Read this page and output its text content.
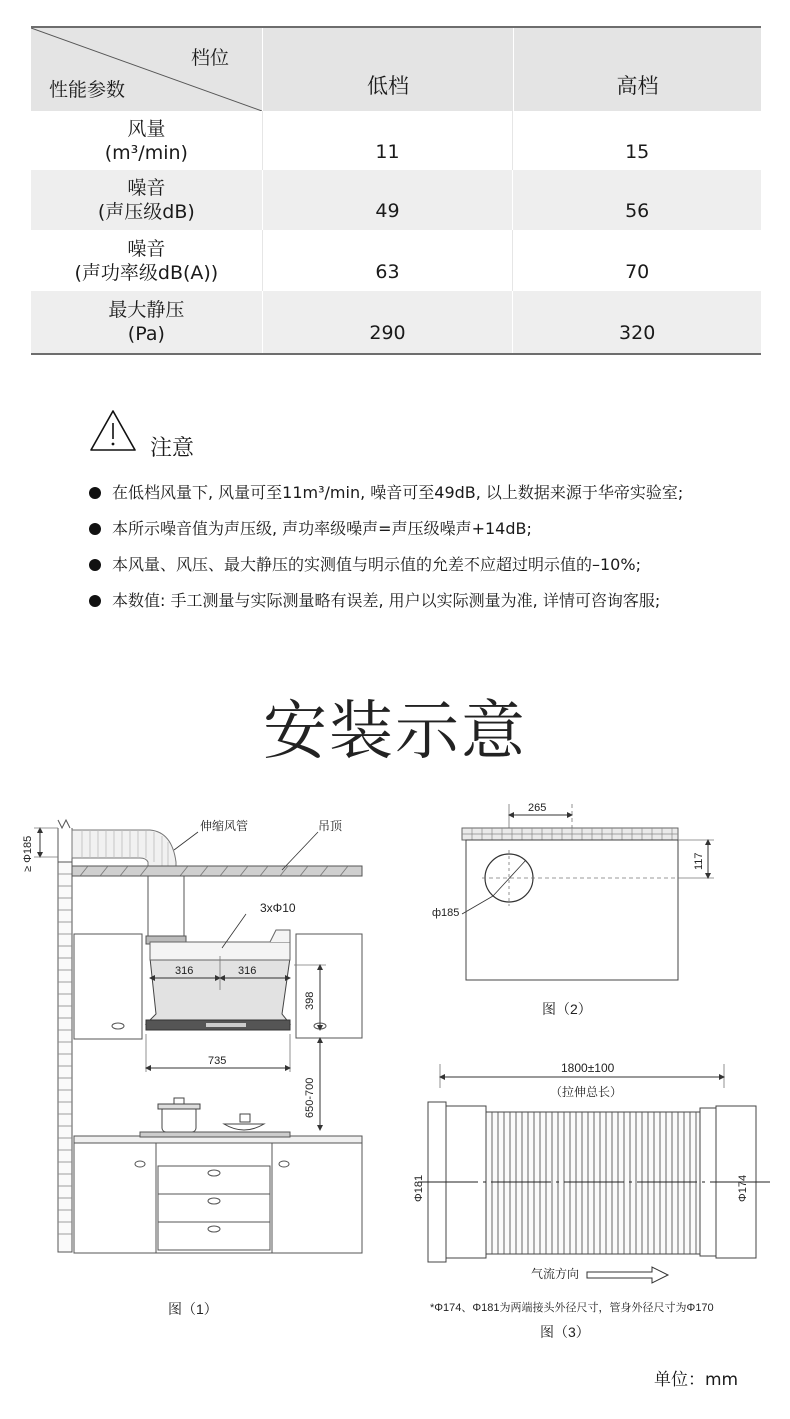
档位
性能参数	低档	高档
风量
(m³/min)	11	15
噪音
(声压级dB)	49	56
噪音
(声功率级dB(A))	63	70
最大静压
(Pa)	290	320
注意
在低档风量下, 风量可至11m³/min, 噪音可至49dB, 以上数据来源于华帝实验室;
本所示噪音值为声压级, 声功率级噪声=声压级噪声+14dB;
本风量、风压、最大静压的实测值与明示值的允差不应超过明示值的–10%;
本数值: 手工测量与实际测量略有误差, 用户以实际测量为准, 详情可咨询客服;
安装示意
≥ Φ185
伸缩风管	吊顶
3xΦ10
316	316
398
735
650-700
图（1）
265
ф185
117
图（2）
1800±100
（拉伸总长）
Φ181	Φ174
气流方向
*Φ174、Φ181为两端接头外径尺寸，管身外径尺寸为Φ170
图（3）
单位：mm
